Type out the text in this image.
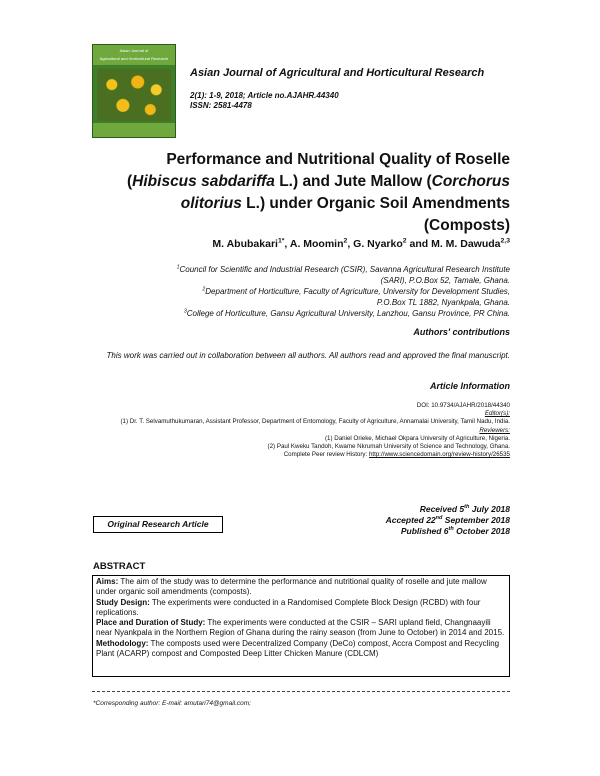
Asian Journal of
Agricultural and Horticultural Research
Asian Journal of Agricultural and Horticultural Research
2(1): 1-9, 2018; Article no.AJAHR.44340
ISSN: 2581-4478
Performance and Nutritional Quality of Roselle
(Hibiscus sabdariffa L.) and Jute Mallow (Corchorus
olitorius L.) under Organic Soil Amendments
(Composts)
M. Abubakari$^{1*}$, A. Moomin$^2$, G. Nyarko$^2$ and M. M. Dawuda$^{2,3}$
$^1$Council for Scientific and Industrial Research (CSIR), Savanna Agricultural Research Institute
(SARI), P.O.Box 52, Tamale, Ghana.
$^2$Department of Horticulture, Faculty of Agriculture, University for Development Studies,
P.O.Box TL 1882, Nyankpala, Ghana.
$^3$College of Horticulture, Gansu Agricultural University, Lanzhou, Gansu Province, PR China.
Authors' contributions
This work was carried out in collaboration between all authors. All authors read and approved the final manuscript.
Article Information
DOI: 10.9734/AJAHR/2018/44340
Editor(s):
(1) Dr. T. Selvamuthukumaran, Assistant Professor, Department of Entomology, Faculty of Agriculture, Annamalai University, Tamil Nadu, India.
Reviewers:
(1) Daniel Orieke, Michael Okpara University of Agriculture, Nigeria.
(2) Paul Kweku Tandoh, Kwame Nkrumah University of Science and Technology, Ghana.
Complete Peer review History: http://www.sciencedomain.org/review-history/26535
Received 5th July 2018
Accepted 22nd September 2018
Published 6th October 2018
Original Research Article
ABSTRACT

Aims: The aim of the study was to determine the performance and nutritional quality of roselle and jute mallow under organic soil amendments (composts).

Study Design: The experiments were conducted in a Randomised Complete Block Design (RCBD) with four replications.

Place and Duration of Study: The experiments were conducted at the CSIR – SARI upland field, Changnaayili near Nyankpala in the Northern Region of Ghana during the rainy season (from June to October) in 2014 and 2015.

Methodology: The composts used were Decentralized Company (DeCo) compost, Accra Compost and Recycling Plant (ACARP) compost and Composted Deep Litter Chicken Manure (CDLCM)

*Corresponding author: E-mail: amutari74@gmail.com;
